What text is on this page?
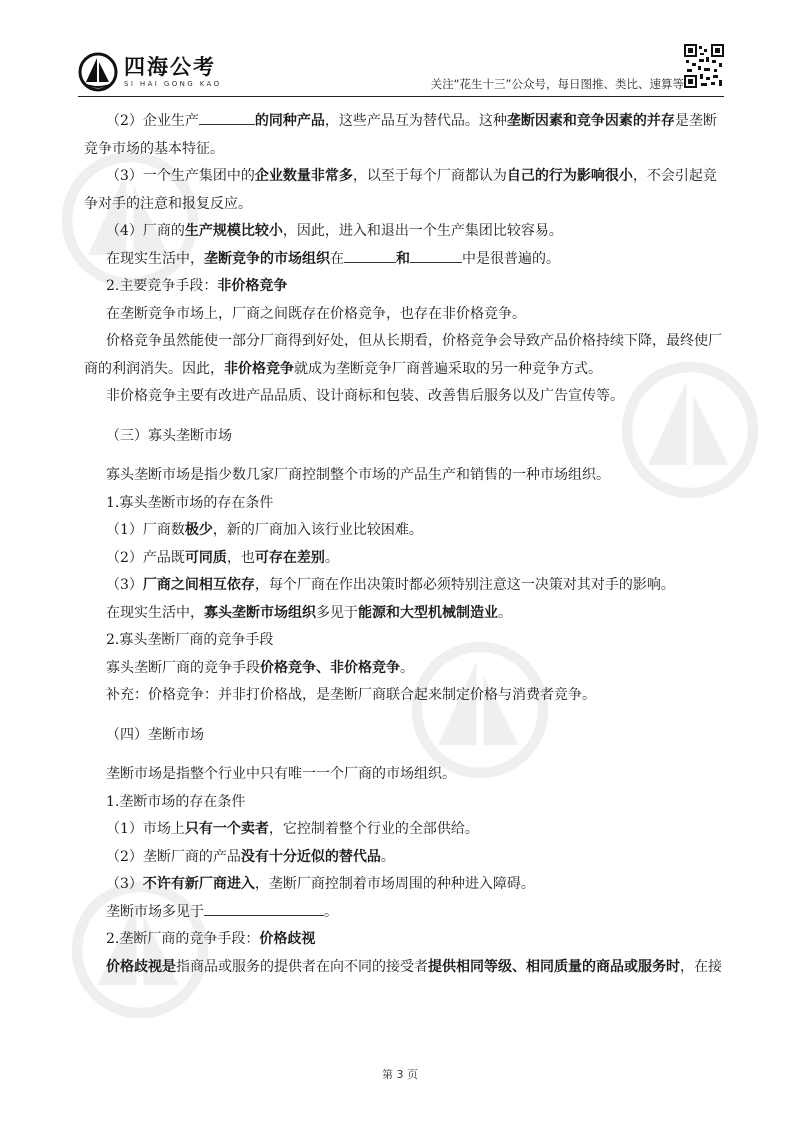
四海公考
SI HAI GONG KAO	关注“花生十三”公众号，每日图推、类比、速算等

（2）企业生产	的同种产品，这些产品互为替代品。这种垄断因素和竞争因素的并存是垄断

竞争市场的基本特征。

（3）一个生产集团中的企业数量非常多，以至于每个厂商都认为自己的行为影响很小，不会引起竞

争对手的注意和报复反应。

（4）厂商的生产规模比较小，因此，进入和退出一个生产集团比较容易。

在现实生活中，垄断竞争的市场组织在	和	中是很普遍的。

2.主要竞争手段：非价格竞争

在垄断竞争市场上，厂商之间既存在价格竞争，也存在非价格竞争。

价格竞争虽然能使一部分厂商得到好处，但从长期看，价格竞争会导致产品价格持续下降，最终使厂

商的利润消失。因此，非价格竞争就成为垄断竞争厂商普遍采取的另一种竞争方式。

非价格竞争主要有改进产品品质、设计商标和包装、改善售后服务以及广告宣传等。

（三）寡头垄断市场

寡头垄断市场是指少数几家厂商控制整个市场的产品生产和销售的一种市场组织。

1.寡头垄断市场的存在条件

（1）厂商数极少，新的厂商加入该行业比较困难。

（2）产品既可同质，也可存在差别。

（3）厂商之间相互依存，每个厂商在作出决策时都必须特别注意这一决策对其对手的影响。

在现实生活中，寡头垄断市场组织多见于能源和大型机械制造业。

2.寡头垄断厂商的竞争手段

寡头垄断厂商的竞争手段价格竞争、非价格竞争。

补充：价格竞争：并非打价格战，是垄断厂商联合起来制定价格与消费者竞争。

（四）垄断市场

垄断市场是指整个行业中只有唯一一个厂商的市场组织。

1.垄断市场的存在条件

（1）市场上只有一个卖者，它控制着整个行业的全部供给。

（2）垄断厂商的产品没有十分近似的替代品。

（3）不许有新厂商进入，垄断厂商控制着市场周围的种种进入障碍。

垄断市场多见于	。

2.垄断厂商的竞争手段：价格歧视

价格歧视是指商品或服务的提供者在向不同的接受者提供相同等级、相同质量的商品或服务时，在接

第 3 页
